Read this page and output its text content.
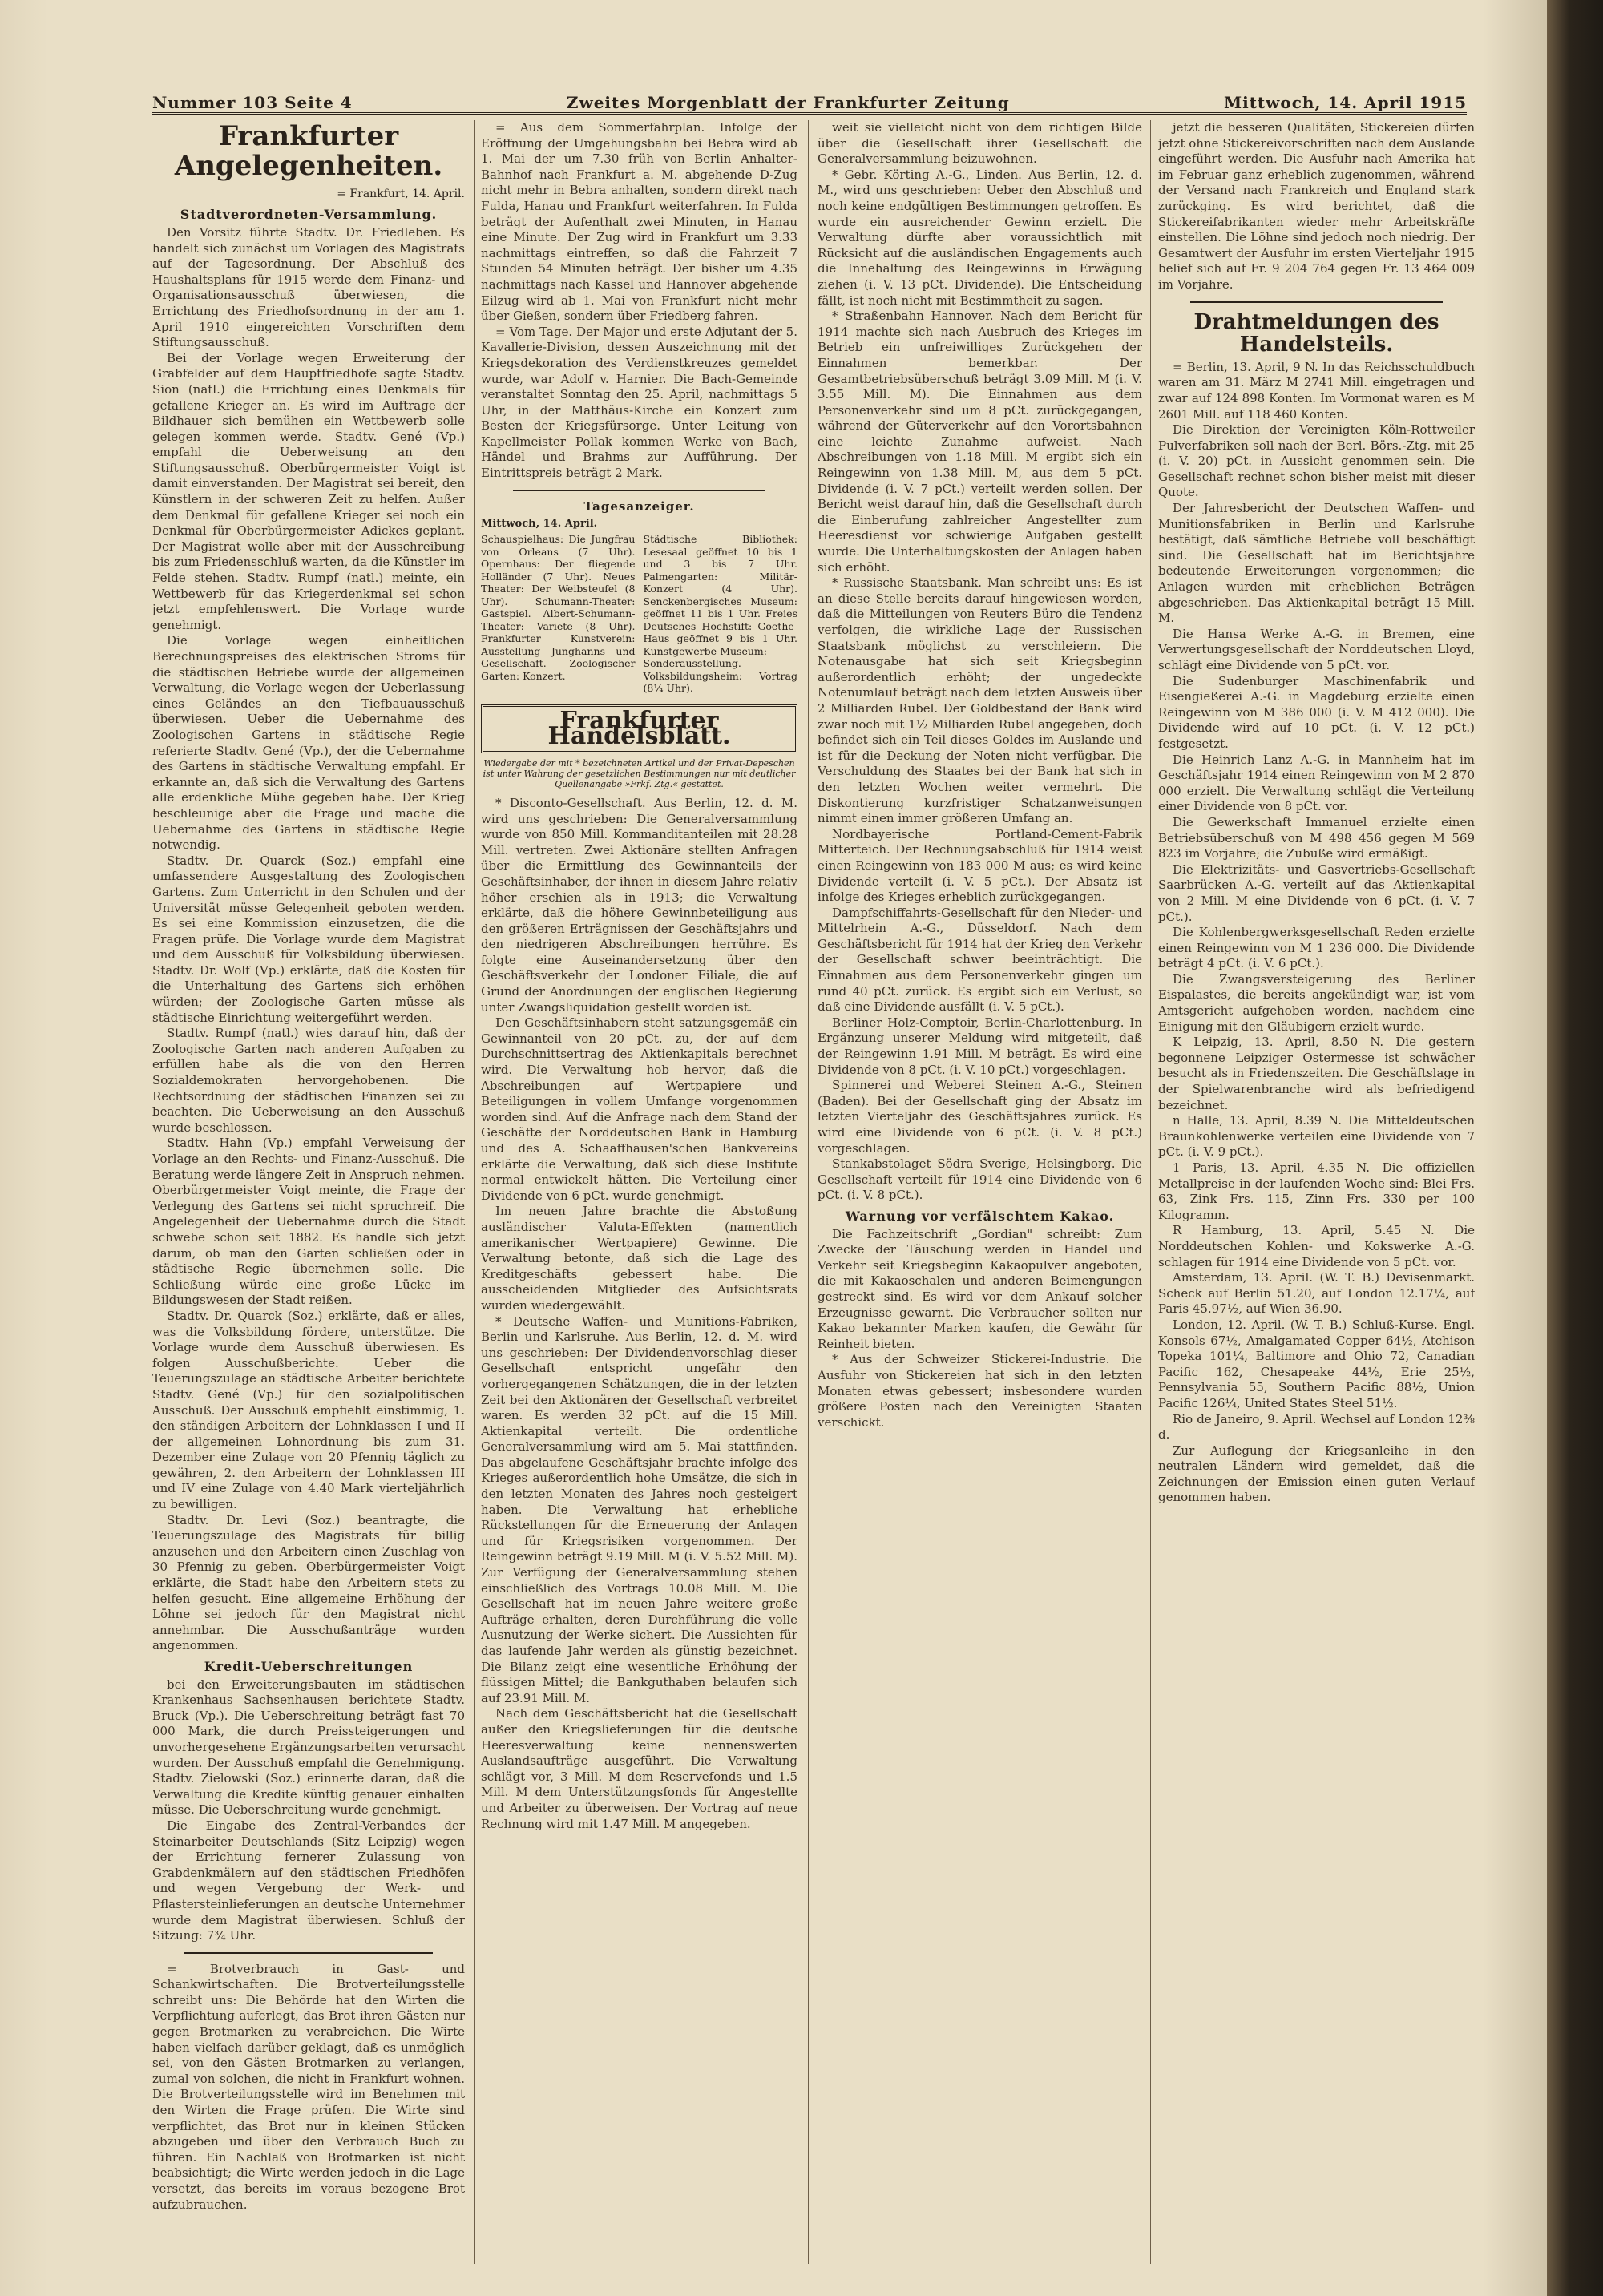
Nummer 103 Seite 4	Zweites Morgenblatt der Frankfurter Zeitung	Mittwoch, 14. April 1915
Frankfurter Angelegenheiten.
= Frankfurt, 14. April.
Stadtverordneten-Versammlung.

Den Vorsitz führte Stadtv. Dr. Friedleben. Es handelt sich zunächst um Vorlagen des Magistrats auf der Tagesordnung. Der Abschluß des Haushaltsplans für 1915 werde dem Finanz- und Organisationsausschuß überwiesen, die Errichtung des Friedhofsordnung in der am 1. April 1910 eingereichten Vorschriften dem Stiftungsausschuß.

Bei der Vorlage wegen Erweiterung der Grabfelder auf dem Hauptfriedhofe sagte Stadtv. Sion (natl.) die Errichtung eines Denkmals für gefallene Krieger an. Es wird im Auftrage der Bildhauer sich bemühen ein Wettbewerb solle gelegen kommen werde. Stadtv. Gené (Vp.) empfahl die Ueberweisung an den Stiftungsausschuß. Oberbürgermeister Voigt ist damit einverstanden. Der Magistrat sei bereit, den Künstlern in der schweren Zeit zu helfen. Außer dem Denkmal für gefallene Krieger sei noch ein Denkmal für Oberbürgermeister Adickes geplant. Der Magistrat wolle aber mit der Ausschreibung bis zum Friedensschluß warten, da die Künstler im Felde stehen. Stadtv. Rumpf (natl.) meinte, ein Wettbewerb für das Kriegerdenkmal sei schon jetzt empfehlenswert. Die Vorlage wurde genehmigt.

Die Vorlage wegen einheitlichen Berechnungspreises des elektrischen Stroms für die städtischen Betriebe wurde der allgemeinen Verwaltung, die Vorlage wegen der Ueberlassung eines Geländes an den Tiefbauausschuß überwiesen. Ueber die Uebernahme des Zoologischen Gartens in städtische Regie referierte Stadtv. Gené (Vp.), der die Uebernahme des Gartens in städtische Verwaltung empfahl. Er erkannte an, daß sich die Verwaltung des Gartens alle erdenkliche Mühe gegeben habe. Der Krieg beschleunige aber die Frage und mache die Uebernahme des Gartens in städtische Regie notwendig.

Stadtv. Dr. Quarck (Soz.) empfahl eine umfassendere Ausgestaltung des Zoologischen Gartens. Zum Unterricht in den Schulen und der Universität müsse Gelegenheit geboten werden. Es sei eine Kommission einzusetzen, die die Fragen prüfe. Die Vorlage wurde dem Magistrat und dem Ausschuß für Volksbildung überwiesen. Stadtv. Dr. Wolf (Vp.) erklärte, daß die Kosten für die Unterhaltung des Gartens sich erhöhen würden; der Zoologische Garten müsse als städtische Einrichtung weitergeführt werden.

Stadtv. Rumpf (natl.) wies darauf hin, daß der Zoologische Garten nach anderen Aufgaben zu erfüllen habe als die von den Herren Sozialdemokraten hervorgehobenen. Die Rechtsordnung der städtischen Finanzen sei zu beachten. Die Ueberweisung an den Ausschuß wurde beschlossen.

Stadtv. Hahn (Vp.) empfahl Verweisung der Vorlage an den Rechts- und Finanz-Ausschuß. Die Beratung werde längere Zeit in Anspruch nehmen. Oberbürgermeister Voigt meinte, die Frage der Verlegung des Gartens sei nicht spruchreif. Die Angelegenheit der Uebernahme durch die Stadt schwebe schon seit 1882. Es handle sich jetzt darum, ob man den Garten schließen oder in städtische Regie übernehmen solle. Die Schließung würde eine große Lücke im Bildungswesen der Stadt reißen.

Stadtv. Dr. Quarck (Soz.) erklärte, daß er alles, was die Volksbildung fördere, unterstütze. Die Vorlage wurde dem Ausschuß überwiesen. Es folgen Ausschußberichte. Ueber die Teuerungszulage an städtische Arbeiter berichtete Stadtv. Gené (Vp.) für den sozialpolitischen Ausschuß. Der Ausschuß empfiehlt einstimmig, 1. den ständigen Arbeitern der Lohnklassen I und II der allgemeinen Lohnordnung bis zum 31. Dezember eine Zulage von 20 Pfennig täglich zu gewähren, 2. den Arbeitern der Lohnklassen III und IV eine Zulage von 4.40 Mark vierteljährlich zu bewilligen.

Stadtv. Dr. Levi (Soz.) beantragte, die Teuerungszulage des Magistrats für billig anzusehen und den Arbeitern einen Zuschlag von 30 Pfennig zu geben. Oberbürgermeister Voigt erklärte, die Stadt habe den Arbeitern stets zu helfen gesucht. Eine allgemeine Erhöhung der Löhne sei jedoch für den Magistrat nicht annehmbar. Die Ausschußanträge wurden angenommen.

Kredit-Ueberschreitungen

bei den Erweiterungsbauten im städtischen Krankenhaus Sachsenhausen berichtete Stadtv. Bruck (Vp.). Die Ueberschreitung beträgt fast 70 000 Mark, die durch Preissteigerungen und unvorhergesehene Ergänzungsarbeiten verursacht wurden. Der Ausschuß empfahl die Genehmigung. Stadtv. Zielowski (Soz.) erinnerte daran, daß die Verwaltung die Kredite künftig genauer einhalten müsse. Die Ueberschreitung wurde genehmigt.

Die Eingabe des Zentral-Verbandes der Steinarbeiter Deutschlands (Sitz Leipzig) wegen der Errichtung fernerer Zulassung von Grabdenkmälern auf den städtischen Friedhöfen und wegen Vergebung der Werk- und Pflastersteinlieferungen an deutsche Unternehmer wurde dem Magistrat überwiesen. Schluß der Sitzung: 7¾ Uhr.

= Brotverbrauch in Gast- und Schankwirtschaften. Die Brotverteilungsstelle schreibt uns: Die Behörde hat den Wirten die Verpflichtung auferlegt, das Brot ihren Gästen nur gegen Brotmarken zu verabreichen. Die Wirte haben vielfach darüber geklagt, daß es unmöglich sei, von den Gästen Brotmarken zu verlangen, zumal von solchen, die nicht in Frankfurt wohnen. Die Brotverteilungsstelle wird im Benehmen mit den Wirten die Frage prüfen. Die Wirte sind verpflichtet, das Brot nur in kleinen Stücken abzugeben und über den Verbrauch Buch zu führen. Ein Nachlaß von Brotmarken ist nicht beabsichtigt; die Wirte werden jedoch in die Lage versetzt, das bereits im voraus bezogene Brot aufzubrauchen.

= Aus dem Sommerfahrplan. Infolge der Eröffnung der Umgehungsbahn bei Bebra wird ab 1. Mai der um 7.30 früh von Berlin Anhalter-Bahnhof nach Frankfurt a. M. abgehende D-Zug nicht mehr in Bebra anhalten, sondern direkt nach Fulda, Hanau und Frankfurt weiterfahren. In Fulda beträgt der Aufenthalt zwei Minuten, in Hanau eine Minute. Der Zug wird in Frankfurt um 3.33 nachmittags eintreffen, so daß die Fahrzeit 7 Stunden 54 Minuten beträgt. Der bisher um 4.35 nachmittags nach Kassel und Hannover abgehende Eilzug wird ab 1. Mai von Frankfurt nicht mehr über Gießen, sondern über Friedberg fahren.

= Vom Tage. Der Major und erste Adjutant der 5. Kavallerie-Division, dessen Auszeichnung mit der Kriegsdekoration des Verdienstkreuzes gemeldet wurde, war Adolf v. Harnier. Die Bach-Gemeinde veranstaltet Sonntag den 25. April, nachmittags 5 Uhr, in der Matthäus-Kirche ein Konzert zum Besten der Kriegsfürsorge. Unter Leitung von Kapellmeister Pollak kommen Werke von Bach, Händel und Brahms zur Aufführung. Der Eintrittspreis beträgt 2 Mark.

Tagesanzeiger.
Mittwoch, 14. April.
Schauspielhaus: Die Jungfrau von Orleans (7 Uhr). Opernhaus: Der fliegende Holländer (7 Uhr). Neues Theater: Der Weibsteufel (8 Uhr). Schumann-Theater: Gastspiel. Albert-Schumann-Theater: Variete (8 Uhr). Frankfurter Kunstverein: Ausstellung Junghanns und Gesellschaft. Zoologischer Garten: Konzert.
Städtische Bibliothek: Lesesaal geöffnet 10 bis 1 und 3 bis 7 Uhr. Palmengarten: Militär-Konzert (4 Uhr). Senckenbergisches Museum: geöffnet 11 bis 1 Uhr. Freies Deutsches Hochstift: Goethe-Haus geöffnet 9 bis 1 Uhr. Kunstgewerbe-Museum: Sonderausstellung. Volksbildungsheim: Vortrag (8¼ Uhr).
Frankfurter Handelsblatt.
Wiedergabe der mit * bezeichneten Artikel und der Privat-Depeschen ist unter Wahrung der gesetzlichen Bestimmungen nur mit deutlicher Quellenangabe »Frkf. Ztg.« gestattet.

* Disconto-Gesellschaft. Aus Berlin, 12. d. M. wird uns geschrieben: Die Generalversammlung wurde von 850 Mill. Kommanditanteilen mit 28.28 Mill. vertreten. Zwei Aktionäre stellten Anfragen über die Ermittlung des Gewinnanteils der Geschäftsinhaber, der ihnen in diesem Jahre relativ höher erschien als in 1913; die Verwaltung erklärte, daß die höhere Gewinnbeteiligung aus den größeren Erträgnissen der Geschäftsjahrs und den niedrigeren Abschreibungen herrühre. Es folgte eine Auseinandersetzung über den Geschäftsverkehr der Londoner Filiale, die auf Grund der Anordnungen der englischen Regierung unter Zwangsliquidation gestellt worden ist.

Den Geschäftsinhabern steht satzungsgemäß ein Gewinnanteil von 20 pCt. zu, der auf dem Durchschnittsertrag des Aktienkapitals berechnet wird. Die Verwaltung hob hervor, daß die Abschreibungen auf Wertpapiere und Beteiligungen in vollem Umfange vorgenommen worden sind. Auf die Anfrage nach dem Stand der Geschäfte der Norddeutschen Bank in Hamburg und des A. Schaaffhausen'schen Bankvereins erklärte die Verwaltung, daß sich diese Institute normal entwickelt hätten. Die Verteilung einer Dividende von 6 pCt. wurde genehmigt.

Im neuen Jahre brachte die Abstoßung ausländischer Valuta-Effekten (namentlich amerikanischer Wertpapiere) Gewinne. Die Verwaltung betonte, daß sich die Lage des Kreditgeschäfts gebessert habe. Die ausscheidenden Mitglieder des Aufsichtsrats wurden wiedergewählt.

* Deutsche Waffen- und Munitions-Fabriken, Berlin und Karlsruhe. Aus Berlin, 12. d. M. wird uns geschrieben: Der Dividendenvorschlag dieser Gesellschaft entspricht ungefähr den vorhergegangenen Schätzungen, die in der letzten Zeit bei den Aktionären der Gesellschaft verbreitet waren. Es werden 32 pCt. auf die 15 Mill. Aktienkapital verteilt. Die ordentliche Generalversammlung wird am 5. Mai stattfinden. Das abgelaufene Geschäftsjahr brachte infolge des Krieges außerordentlich hohe Umsätze, die sich in den letzten Monaten des Jahres noch gesteigert haben. Die Verwaltung hat erhebliche Rückstellungen für die Erneuerung der Anlagen und für Kriegsrisiken vorgenommen. Der Reingewinn beträgt 9.19 Mill. M (i. V. 5.52 Mill. M). Zur Verfügung der Generalversammlung stehen einschließlich des Vortrags 10.08 Mill. M. Die Gesellschaft hat im neuen Jahre weitere große Aufträge erhalten, deren Durchführung die volle Ausnutzung der Werke sichert. Die Aussichten für das laufende Jahr werden als günstig bezeichnet. Die Bilanz zeigt eine wesentliche Erhöhung der flüssigen Mittel; die Bankguthaben belaufen sich auf 23.91 Mill. M.

Nach dem Geschäftsbericht hat die Gesellschaft außer den Kriegslieferungen für die deutsche Heeresverwaltung keine nennenswerten Auslandsaufträge ausgeführt. Die Verwaltung schlägt vor, 3 Mill. M dem Reservefonds und 1.5 Mill. M dem Unterstützungsfonds für Angestellte und Arbeiter zu überweisen. Der Vortrag auf neue Rechnung wird mit 1.47 Mill. M angegeben.

weit sie vielleicht nicht von dem richtigen Bilde über die Gesellschaft ihrer Gesellschaft die Generalversammlung beizuwohnen.

* Gebr. Körting A.-G., Linden. Aus Berlin, 12. d. M., wird uns geschrieben: Ueber den Abschluß und noch keine endgültigen Bestimmungen getroffen. Es wurde ein ausreichender Gewinn erzielt. Die Verwaltung dürfte aber voraussichtlich mit Rücksicht auf die ausländischen Engagements auch die Innehaltung des Reingewinns in Erwägung ziehen (i. V. 13 pCt. Dividende). Die Entscheidung fällt, ist noch nicht mit Bestimmtheit zu sagen.

* Straßenbahn Hannover. Nach dem Bericht für 1914 machte sich nach Ausbruch des Krieges im Betrieb ein unfreiwilliges Zurückgehen der Einnahmen bemerkbar. Der Gesamtbetriebsüberschuß beträgt 3.09 Mill. M (i. V. 3.55 Mill. M). Die Einnahmen aus dem Personenverkehr sind um 8 pCt. zurückgegangen, während der Güterverkehr auf den Vorortsbahnen eine leichte Zunahme aufweist. Nach Abschreibungen von 1.18 Mill. M ergibt sich ein Reingewinn von 1.38 Mill. M, aus dem 5 pCt. Dividende (i. V. 7 pCt.) verteilt werden sollen. Der Bericht weist darauf hin, daß die Gesellschaft durch die Einberufung zahlreicher Angestellter zum Heeresdienst vor schwierige Aufgaben gestellt wurde. Die Unterhaltungskosten der Anlagen haben sich erhöht.

* Russische Staatsbank. Man schreibt uns: Es ist an diese Stelle bereits darauf hingewiesen worden, daß die Mitteilungen von Reuters Büro die Tendenz verfolgen, die wirkliche Lage der Russischen Staatsbank möglichst zu verschleiern. Die Notenausgabe hat sich seit Kriegsbeginn außerordentlich erhöht; der ungedeckte Notenumlauf beträgt nach dem letzten Ausweis über 2 Milliarden Rubel. Der Goldbestand der Bank wird zwar noch mit 1½ Milliarden Rubel angegeben, doch befindet sich ein Teil dieses Goldes im Auslande und ist für die Deckung der Noten nicht verfügbar. Die Verschuldung des Staates bei der Bank hat sich in den letzten Wochen weiter vermehrt. Die Diskontierung kurzfristiger Schatzanweisungen nimmt einen immer größeren Umfang an.

Nordbayerische Portland-Cement-Fabrik Mitterteich. Der Rechnungsabschluß für 1914 weist einen Reingewinn von 183 000 M aus; es wird keine Dividende verteilt (i. V. 5 pCt.). Der Absatz ist infolge des Krieges erheblich zurückgegangen.

Dampfschiffahrts-Gesellschaft für den Nieder- und Mittelrhein A.-G., Düsseldorf. Nach dem Geschäftsbericht für 1914 hat der Krieg den Verkehr der Gesellschaft schwer beeinträchtigt. Die Einnahmen aus dem Personenverkehr gingen um rund 40 pCt. zurück. Es ergibt sich ein Verlust, so daß eine Dividende ausfällt (i. V. 5 pCt.).

Berliner Holz-Comptoir, Berlin-Charlottenburg. In Ergänzung unserer Meldung wird mitgeteilt, daß der Reingewinn 1.91 Mill. M beträgt. Es wird eine Dividende von 8 pCt. (i. V. 10 pCt.) vorgeschlagen.

Spinnerei und Weberei Steinen A.-G., Steinen (Baden). Bei der Gesellschaft ging der Absatz im letzten Vierteljahr des Geschäftsjahres zurück. Es wird eine Dividende von 6 pCt. (i. V. 8 pCt.) vorgeschlagen.

Stankabstolaget Södra Sverige, Helsingborg. Die Gesellschaft verteilt für 1914 eine Dividende von 6 pCt. (i. V. 8 pCt.).

Warnung vor verfälschtem Kakao.

Die Fachzeitschrift „Gordian" schreibt: Zum Zwecke der Täuschung werden in Handel und Verkehr seit Kriegsbeginn Kakaopulver angeboten, die mit Kakaoschalen und anderen Beimengungen gestreckt sind. Es wird vor dem Ankauf solcher Erzeugnisse gewarnt. Die Verbraucher sollten nur Kakao bekannter Marken kaufen, die Gewähr für Reinheit bieten.

* Aus der Schweizer Stickerei-Industrie. Die Ausfuhr von Stickereien hat sich in den letzten Monaten etwas gebessert; insbesondere wurden größere Posten nach den Vereinigten Staaten verschickt.

jetzt die besseren Qualitäten, Stickereien dürfen jetzt ohne Stickereivorschriften nach dem Auslande eingeführt werden. Die Ausfuhr nach Amerika hat im Februar ganz erheblich zugenommen, während der Versand nach Frankreich und England stark zurückging. Es wird berichtet, daß die Stickereifabrikanten wieder mehr Arbeitskräfte einstellen. Die Löhne sind jedoch noch niedrig. Der Gesamtwert der Ausfuhr im ersten Vierteljahr 1915 belief sich auf Fr. 9 204 764 gegen Fr. 13 464 009 im Vorjahre.

Drahtmeldungen des Handelsteils.

= Berlin, 13. April, 9 N. In das Reichsschuldbuch waren am 31. März M 2741 Mill. eingetragen und zwar auf 124 898 Konten. Im Vormonat waren es M 2601 Mill. auf 118 460 Konten.

Die Direktion der Vereinigten Köln-Rottweiler Pulverfabriken soll nach der Berl. Börs.-Ztg. mit 25 (i. V. 20) pCt. in Aussicht genommen sein. Die Gesellschaft rechnet schon bisher meist mit dieser Quote.

Der Jahresbericht der Deutschen Waffen- und Munitionsfabriken in Berlin und Karlsruhe bestätigt, daß sämtliche Betriebe voll beschäftigt sind. Die Gesellschaft hat im Berichtsjahre bedeutende Erweiterungen vorgenommen; die Anlagen wurden mit erheblichen Beträgen abgeschrieben. Das Aktienkapital beträgt 15 Mill. M.

Die Hansa Werke A.-G. in Bremen, eine Verwertungsgesellschaft der Norddeutschen Lloyd, schlägt eine Dividende von 5 pCt. vor.

Die Sudenburger Maschinenfabrik und Eisengießerei A.-G. in Magdeburg erzielte einen Reingewinn von M 386 000 (i. V. M 412 000). Die Dividende wird auf 10 pCt. (i. V. 12 pCt.) festgesetzt.

Die Heinrich Lanz A.-G. in Mannheim hat im Geschäftsjahr 1914 einen Reingewinn von M 2 870 000 erzielt. Die Verwaltung schlägt die Verteilung einer Dividende von 8 pCt. vor.

Die Gewerkschaft Immanuel erzielte einen Betriebsüberschuß von M 498 456 gegen M 569 823 im Vorjahre; die Zubuße wird ermäßigt.

Die Elektrizitäts- und Gasvertriebs-Gesellschaft Saarbrücken A.-G. verteilt auf das Aktienkapital von 2 Mill. M eine Dividende von 6 pCt. (i. V. 7 pCt.).

Die Kohlenbergwerksgesellschaft Reden erzielte einen Reingewinn von M 1 236 000. Die Dividende beträgt 4 pCt. (i. V. 6 pCt.).

Die Zwangsversteigerung des Berliner Eispalastes, die bereits angekündigt war, ist vom Amtsgericht aufgehoben worden, nachdem eine Einigung mit den Gläubigern erzielt wurde.

K Leipzig, 13. April, 8.50 N. Die gestern begonnene Leipziger Ostermesse ist schwächer besucht als in Friedenszeiten. Die Geschäftslage in der Spielwarenbranche wird als befriedigend bezeichnet.

n Halle, 13. April, 8.39 N. Die Mitteldeutschen Braunkohlenwerke verteilen eine Dividende von 7 pCt. (i. V. 9 pCt.).

1 Paris, 13. April, 4.35 N. Die offiziellen Metallpreise in der laufenden Woche sind: Blei Frs. 63, Zink Frs. 115, Zinn Frs. 330 per 100 Kilogramm.

R Hamburg, 13. April, 5.45 N. Die Norddeutschen Kohlen- und Kokswerke A.-G. schlagen für 1914 eine Dividende von 5 pCt. vor.

Amsterdam, 13. April. (W. T. B.) Devisenmarkt. Scheck auf Berlin 51.20, auf London 12.17¼, auf Paris 45.97½, auf Wien 36.90.

London, 12. April. (W. T. B.) Schluß-Kurse. Engl. Konsols 67½, Amalgamated Copper 64½, Atchison Topeka 101¼, Baltimore and Ohio 72, Canadian Pacific 162, Chesapeake 44½, Erie 25½, Pennsylvania 55, Southern Pacific 88½, Union Pacific 126¼, United States Steel 51½.

Rio de Janeiro, 9. April. Wechsel auf London 12⅜ d.

Zur Auflegung der Kriegsanleihe in den neutralen Ländern wird gemeldet, daß die Zeichnungen der Emission einen guten Verlauf genommen haben.
